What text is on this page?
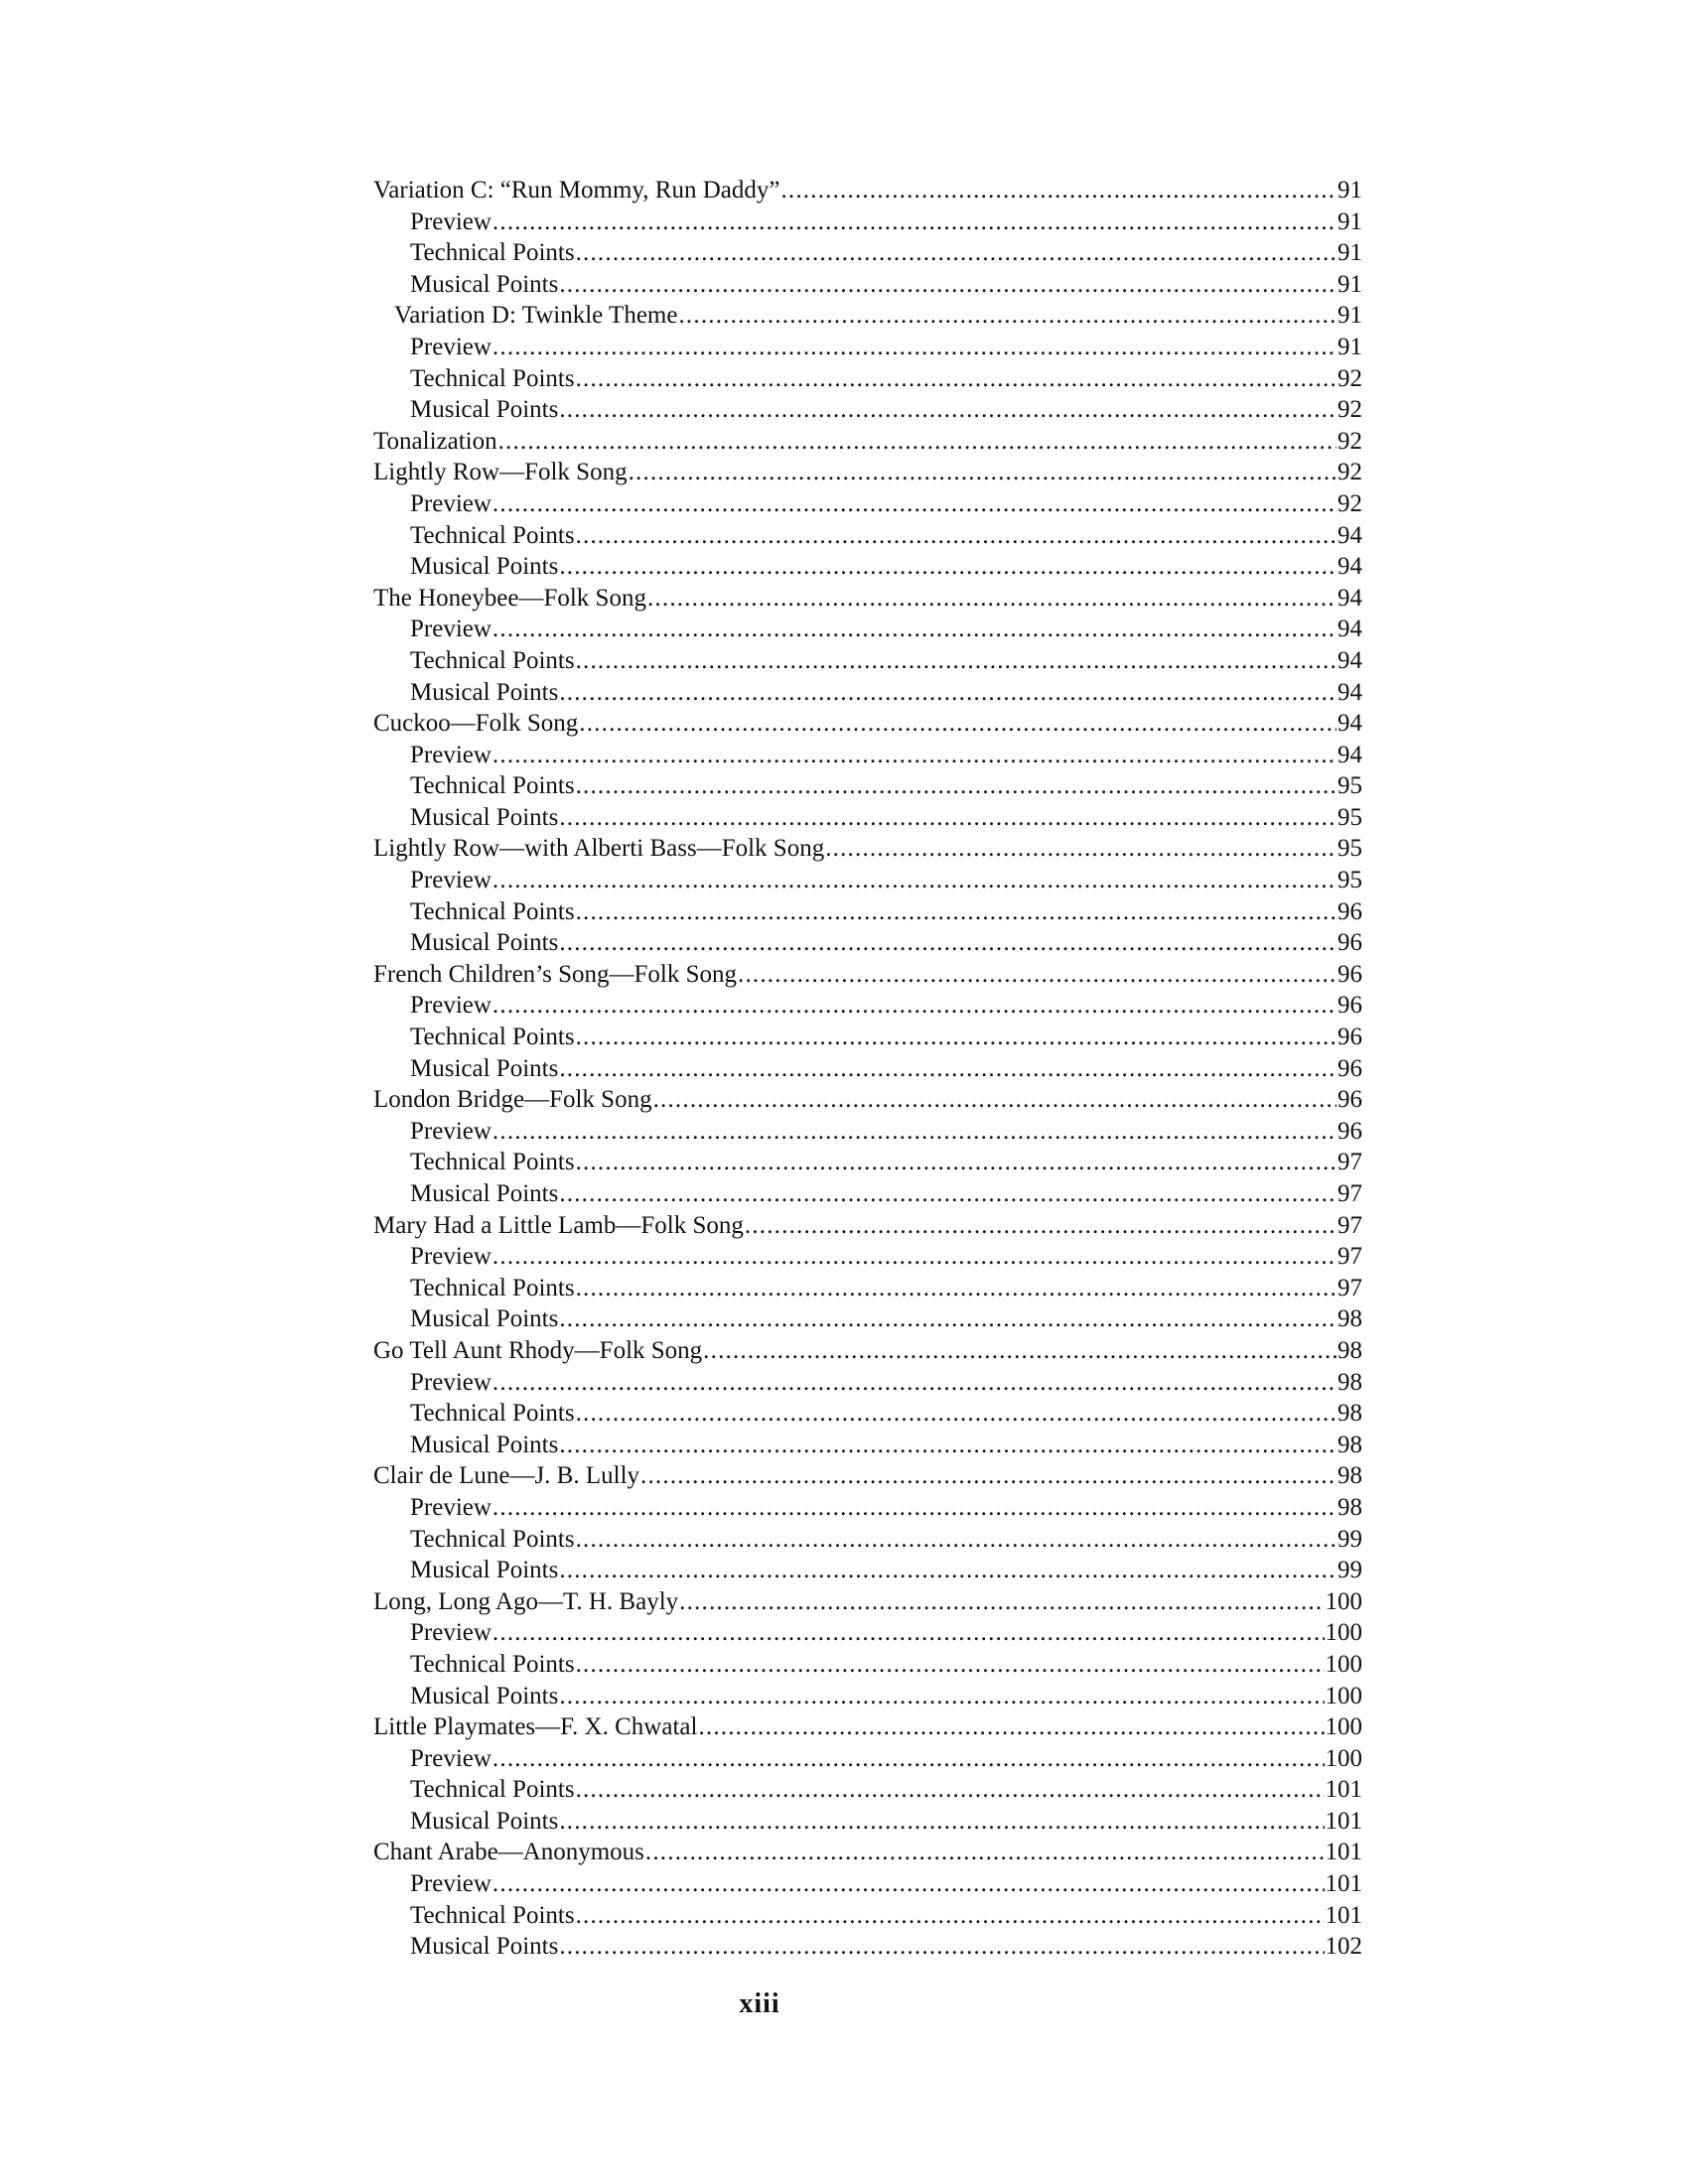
Variation C: “Run Mommy, Run Daddy” .....	91
Preview .....	91
Technical Points .....	91
Musical Points .....	91
Variation D: Twinkle Theme .....	91
Preview .....	91
Technical Points .....	92
Musical Points .....	92
Tonalization .....	92
Lightly Row—Folk Song .....	92
Preview .....	92
Technical Points .....	94
Musical Points .....	94
The Honeybee—Folk Song .....	94
Preview .....	94
Technical Points .....	94
Musical Points .....	94
Cuckoo—Folk Song .....	94
Preview .....	94
Technical Points .....	95
Musical Points .....	95
Lightly Row—with Alberti Bass—Folk Song .....	95
Preview .....	95
Technical Points .....	96
Musical Points .....	96
French Children’s Song—Folk Song .....	96
Preview .....	96
Technical Points .....	96
Musical Points .....	96
London Bridge—Folk Song .....	96
Preview .....	96
Technical Points .....	97
Musical Points .....	97
Mary Had a Little Lamb—Folk Song .....	97
Preview .....	97
Technical Points .....	97
Musical Points .....	98
Go Tell Aunt Rhody—Folk Song .....	98
Preview .....	98
Technical Points .....	98
Musical Points .....	98
Clair de Lune—J. B. Lully .....	98
Preview .....	98
Technical Points .....	99
Musical Points .....	99
Long, Long Ago—T. H. Bayly .....	100
Preview .....	100
Technical Points .....	100
Musical Points .....	100
Little Playmates—F. X. Chwatal .....	100
Preview .....	100
Technical Points .....	101
Musical Points .....	101
Chant Arabe—Anonymous .....	101
Preview .....	101
Technical Points .....	101
Musical Points .....	102
xiii
